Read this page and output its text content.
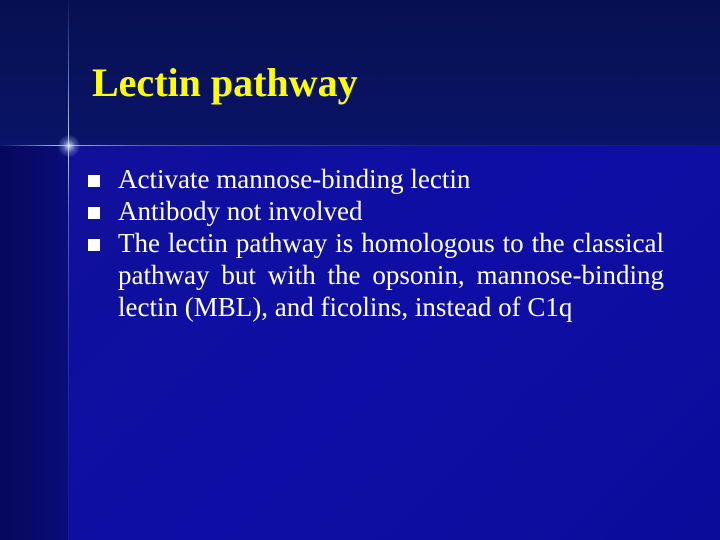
Lectin pathway
Activate mannose-binding lectin
Antibody not involved
The lectin pathway is homologous to the classical pathway but with the opsonin, mannose-binding lectin (MBL), and ficolins, instead of C1q
